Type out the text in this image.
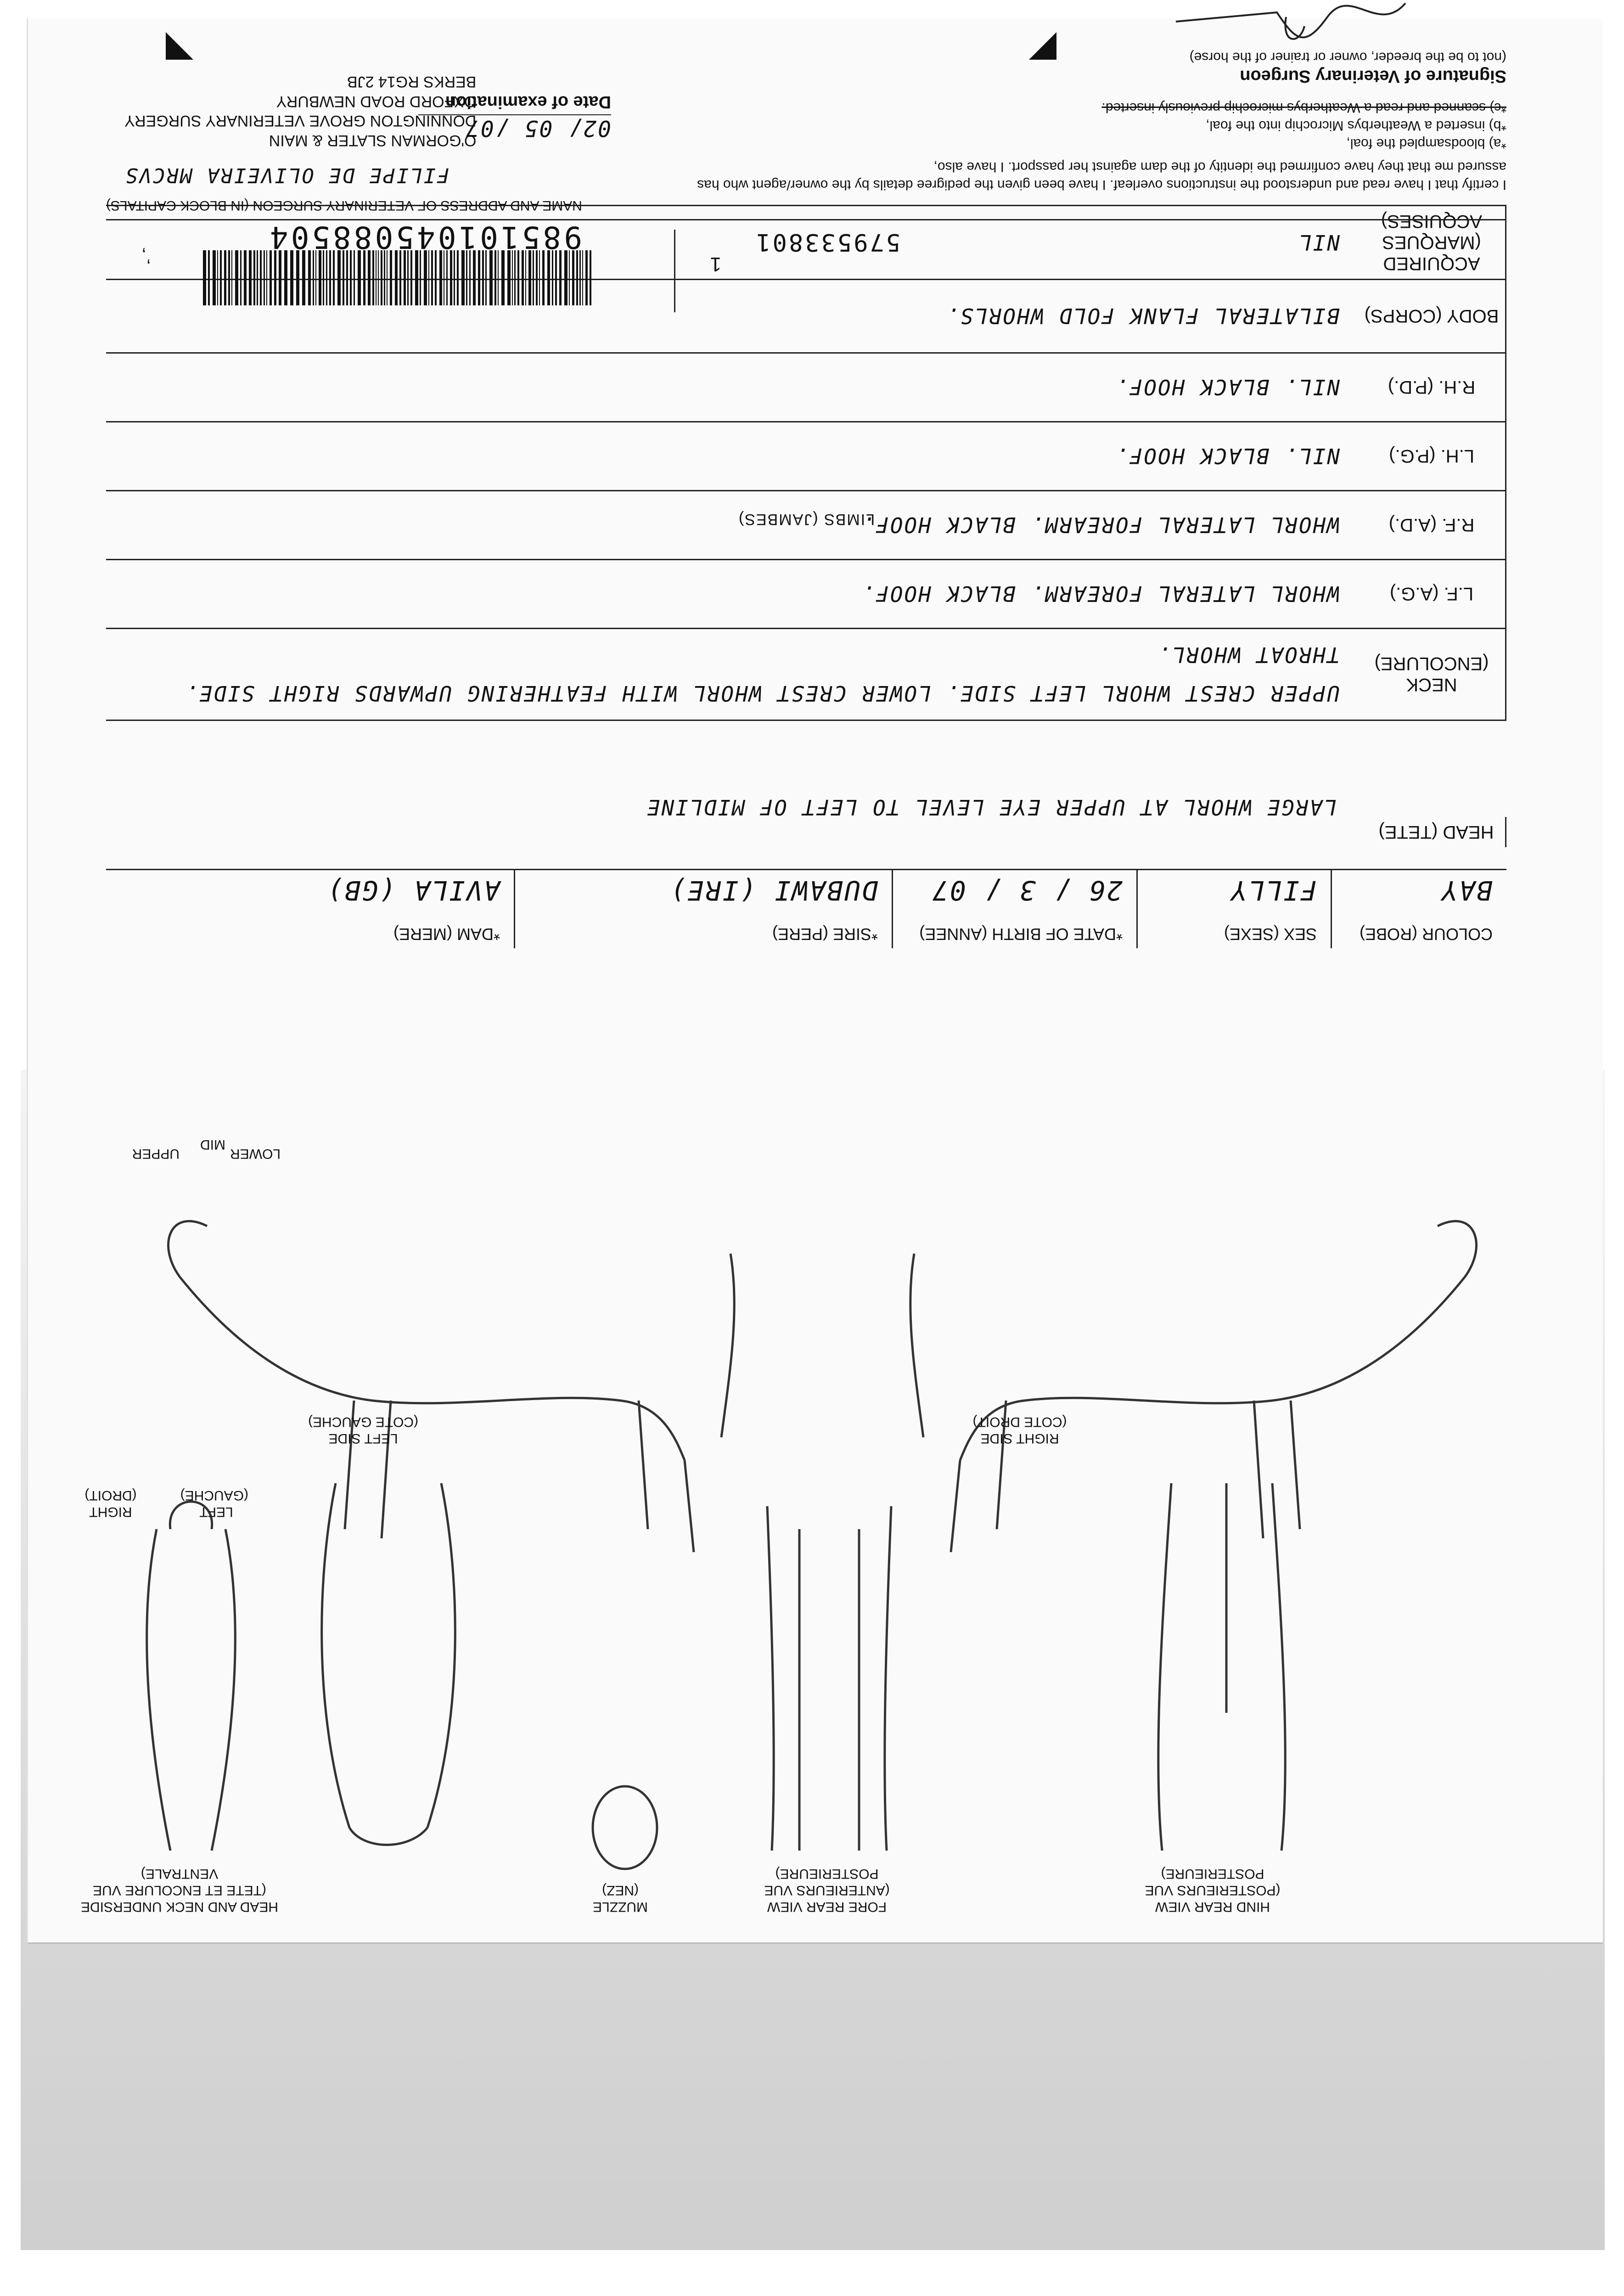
COLOUR (ROBE)
BAY
SEX (SEXE)
FILLY
*DATE OF BIRTH (ANNEE)
26 / 3 / 07
*SIRE (PERE)
DUBAWI (IRE)
*DAM (MERE)
AVILA (GB)
HEAD (TETE)
LARGE WHORL AT UPPER EYE LEVEL TO LEFT OF MIDLINE
NECK (ENCOLURE)	UPPER CREST WHORL LEFT SIDE. LOWER CREST WHORL WITH FEATHERING UPWARDS RIGHT SIDE.
THROAT WHORL.

L.F. (A.G.)	WHORL LATERAL FOREARM. BLACK HOOF.
R.F. (A.D.)	WHORL LATERAL FOREARM. BLACK HOOF.
L.H. (P.G.)	NIL. BLACK HOOF.
R.H. (P.D.)	NIL. BLACK HOOF.
BODY (CORPS)	BILATERAL FLANK FOLD WHORLS.
ACQUIRED (MARQUES ACQUISES)	NIL
LIMBS (JAMBES)
985101045088504
ʼ,	1
NAME AND ADDRESS OF VETERINARY SURGEON (IN BLOCK CAPITALS)
FILIPE DE OLIVEIRA MRCVS
O'GORMAN SLATER & MAIN
DONNINGTON GROVE VETERINARY SURGERY
OXFORD ROAD NEWBURY
BERKS RG14 2JB
I certify that I have read and understood the instructions overleaf. I have been given the pedigree details by the owner/agent who has assured me that they have confirmed the identity of the dam against her passport. I have also,
*a) bloodsampled the foal,
*b) inserted a Weatherbys Microchip into the foal,
*c) scanned and read a Weatherbys microchip previously inserted.
Signature of Veterinary Surgeon
(not to be the breeder, owner or trainer of the horse)
02/ 05 /07
Date of examination
579533801
HEAD AND NECK UNDERSIDE (TETE ET ENCOLURE VUE VENTRALE)
MUZZLE (NEZ)
FORE REAR VIEW (ANTERIEURS VUE POSTERIEURE)
HIND REAR VIEW (POSTERIEURS VUE POSTERIEURE)
LEFT SIDE (COTE GAUCHE)
RIGHT SIDE (COTE DROIT)
RIGHT (DROIT)
LEFT (GAUCHE)
UPPER
MID
LOWER
